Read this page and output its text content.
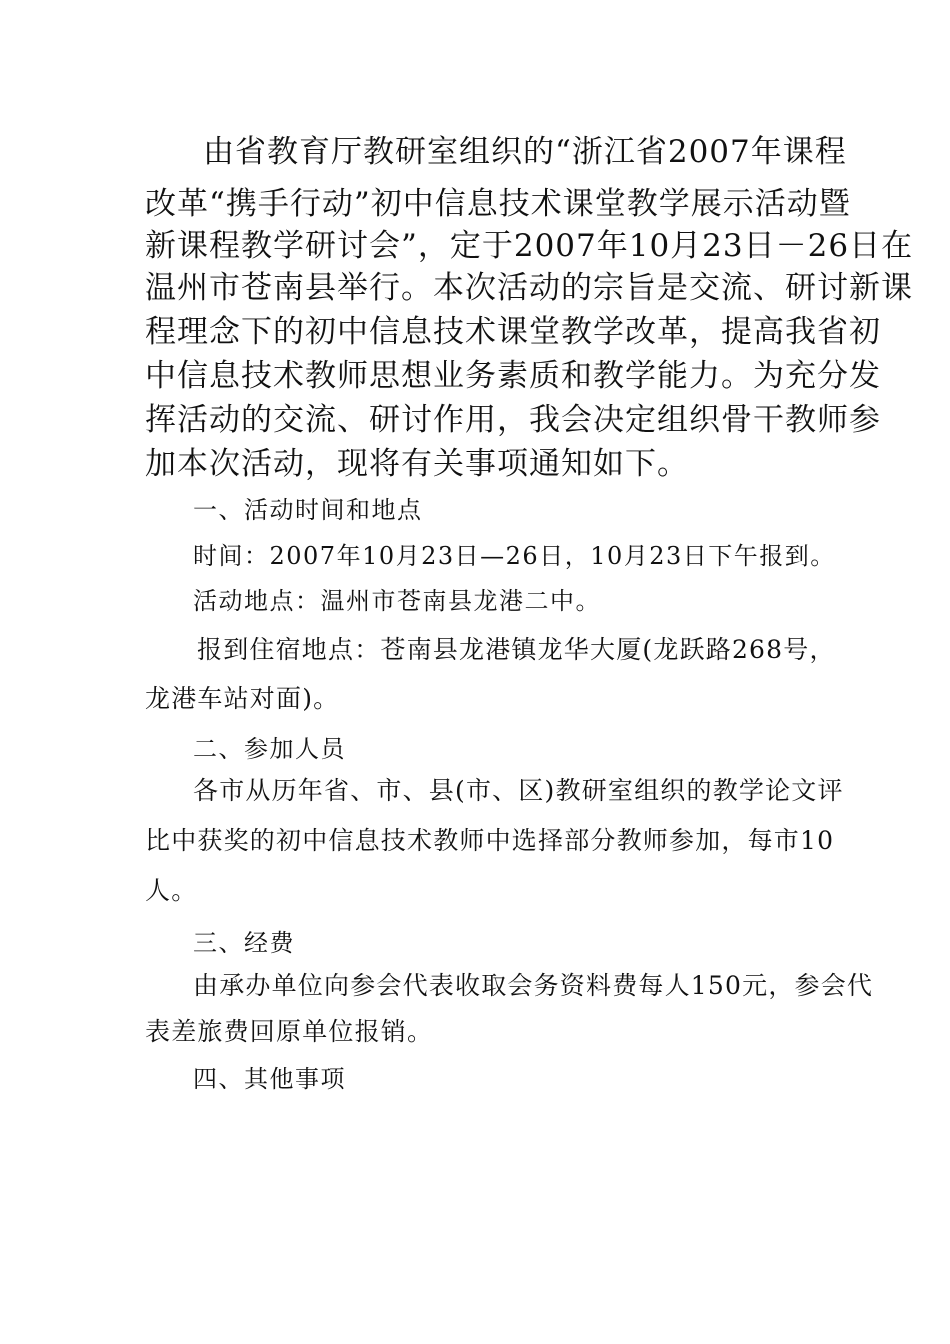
由省教育厅教研室组织的“浙江省2007年课程

改革“携手行动”初中信息技术课堂教学展示活动暨

新课程教学研讨会”，定于2007年10月23日－26日在

温州市苍南县举行。本次活动的宗旨是交流、研讨新课

程理念下的初中信息技术课堂教学改革，提高我省初

中信息技术教师思想业务素质和教学能力。为充分发

挥活动的交流、研讨作用，我会决定组织骨干教师参

加本次活动，现将有关事项通知如下。

一、活动时间和地点

时间：2007年10月23日—26日，10月23日下午报到。

活动地点：温州市苍南县龙港二中。

报到住宿地点：苍南县龙港镇龙华大厦(龙跃路268号，

龙港车站对面)。

二、参加人员

各市从历年省、市、县(市、区)教研室组织的教学论文评

比中获奖的初中信息技术教师中选择部分教师参加，每市10

人。

三、经费

由承办单位向参会代表收取会务资料费每人150元，参会代

表差旅费回原单位报销。

四、其他事项
